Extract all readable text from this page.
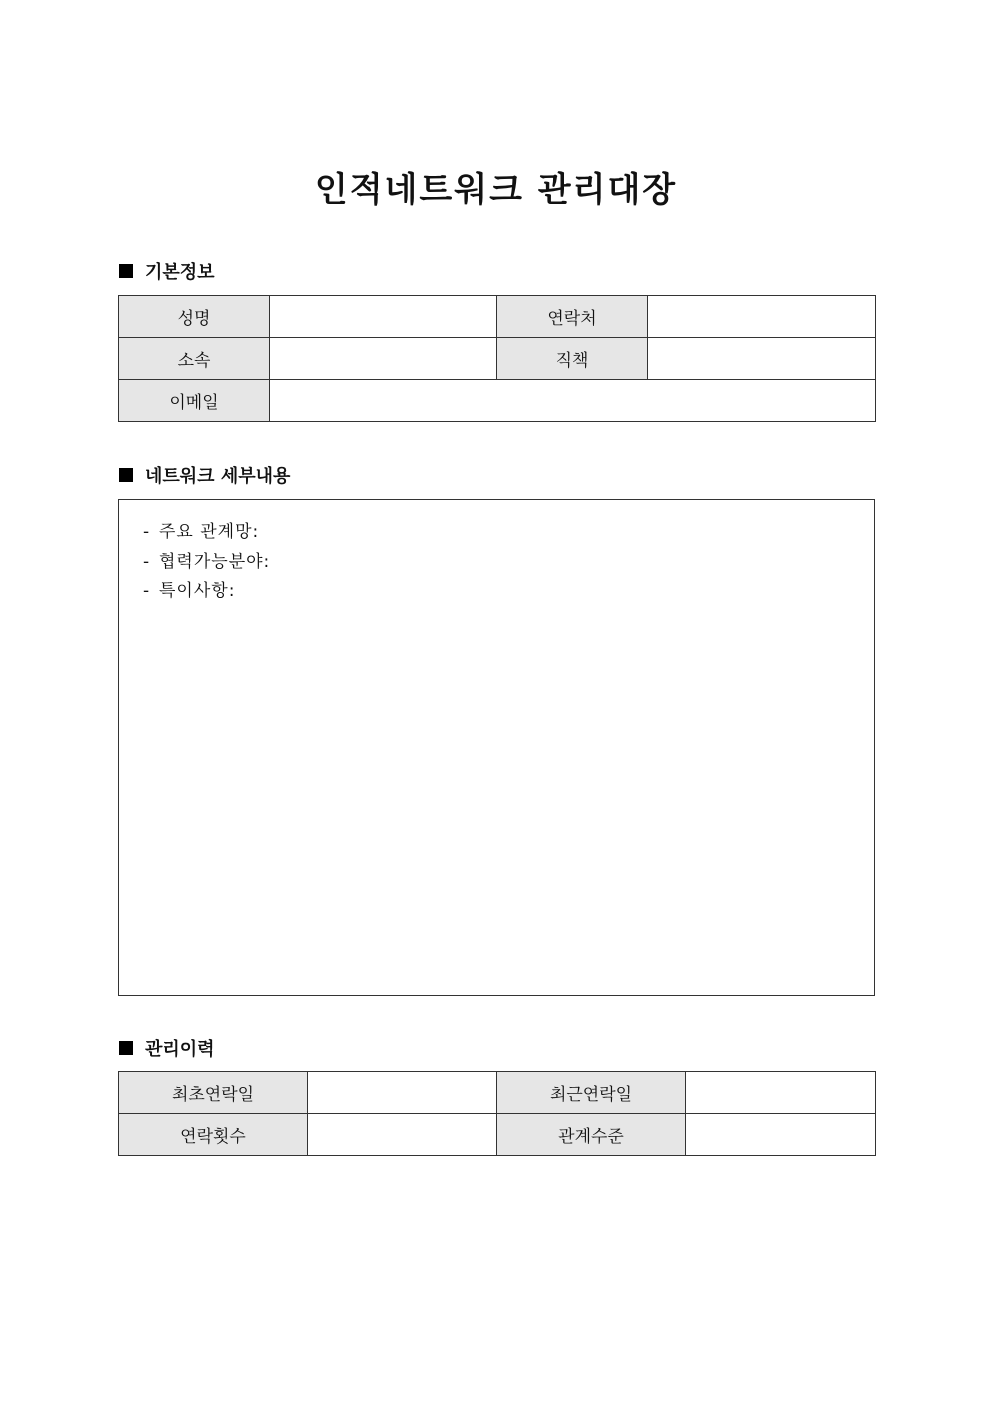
인적네트워크 관리대장
기본정보
성명		연락처	
소속		직책	
이메일			
네트워크 세부내용
- 주요 관계망:
- 협력가능분야:
- 특이사항:
관리이력
최초연락일		최근연락일	
연락횟수		관계수준	
